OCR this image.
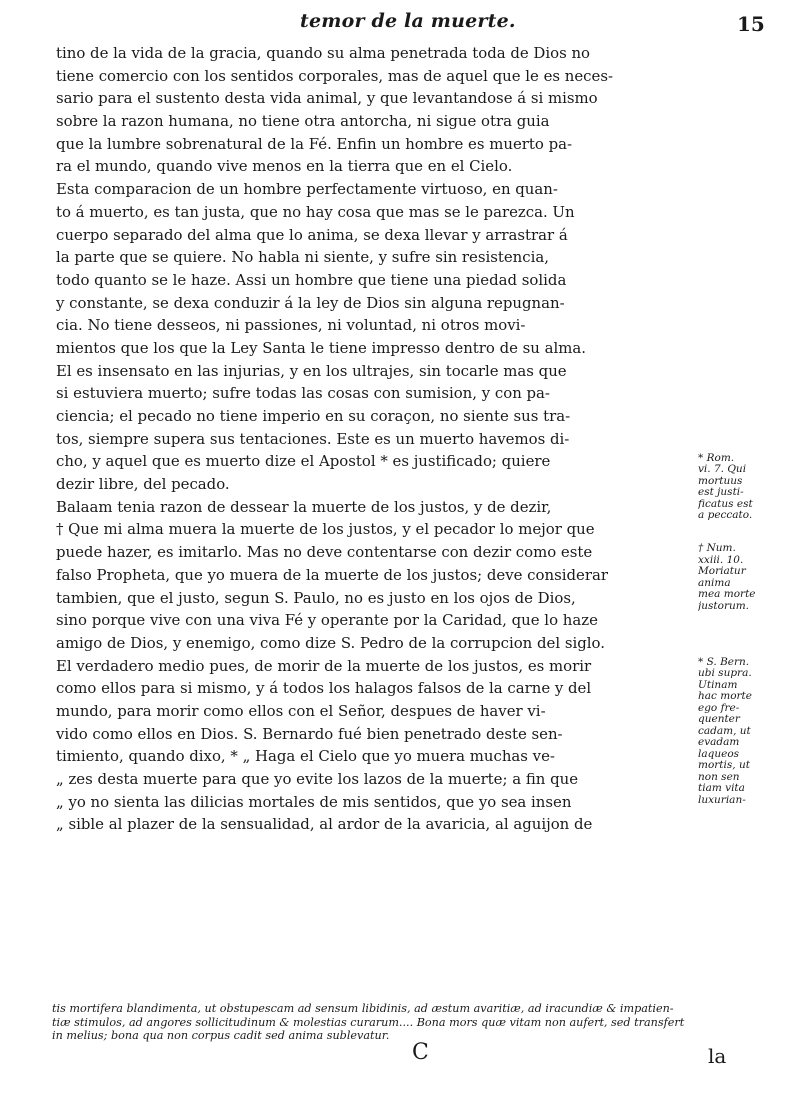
temor de la muerte.	15
tino de la vida de la gracia, quando su alma penetrada toda de Dios no
tiene comercio con los sentidos corporales, mas de aquel que le es neces-
sario para el sustento desta vida animal, y que levantandose á si mismo
sobre la razon humana, no tiene otra antorcha, ni sigue otra guia
que la lumbre sobrenatural de la Fé. Enfin un hombre es muerto pa-
ra el mundo, quando vive menos en la tierra que en el Cielo.
Esta comparacion de un hombre perfectamente virtuoso, en quan-
to á muerto, es tan justa, que no hay cosa que mas se le parezca. Un
cuerpo separado del alma que lo anima, se dexa llevar y arrastrar á
la parte que se quiere. No habla ni siente, y sufre sin resistencia,
todo quanto se le haze. Assi un hombre que tiene una piedad solida
y constante, se dexa conduzir á la ley de Dios sin alguna repugnan-
cia. No tiene desseos, ni passiones, ni voluntad, ni otros movi-
mientos que los que la Ley Santa le tiene impresso dentro de su alma.
El es insensato en las injurias, y en los ultrajes, sin tocarle mas que
si estuviera muerto; sufre todas las cosas con sumision, y con pa-
ciencia; el pecado no tiene imperio en su coraçon, no siente sus tra-
tos, siempre supera sus tentaciones. Este es un muerto havemos di-
cho, y aquel que es muerto dize el Apostol * es justificado; quiere
dezir libre, del pecado.
Balaam tenia razon de dessear la muerte de los justos, y de dezir,
† Que mi alma muera la muerte de los justos, y el pecador lo mejor que
puede hazer, es imitarlo. Mas no deve contentarse con dezir como este
falso Propheta, que yo muera de la muerte de los justos; deve considerar
tambien, que el justo, segun S. Paulo, no es justo en los ojos de Dios,
sino porque vive con una viva Fé y operante por la Caridad, que lo haze
amigo de Dios, y enemigo, como dize S. Pedro de la corrupcion del siglo.
El verdadero medio pues, de morir de la muerte de los justos, es morir
como ellos para si mismo, y á todos los halagos falsos de la carne y del
mundo, para morir como ellos con el Señor, despues de haver vi-
vido como ellos en Dios. S. Bernardo fué bien penetrado deste sen-
timiento, quando dixo, * „ Haga el Cielo que yo muera muchas ve-
„ zes desta muerte para que yo evite los lazos de la muerte; a fin que
„ yo no sienta las dilicias mortales de mis sentidos, que yo sea insen
„ sible al plazer de la sensualidad, al ardor de la avaricia, al aguijon de
* Rom.
vi. 7. Qui
mortuus
est justi-
ficatus est
a peccato.
† Num.
xxiii. 10.
Moriatur
anima
mea morte
justorum.
* S. Bern.
ubi supra.
Utinam
hac morte
ego fre-
quenter
cadam, ut
evadam
laqueos
mortis, ut
non sen
tiam vita
luxurian-
tis mortifera blandimenta, ut obstupescam ad sensum libidinis, ad æstum avaritiæ, ad iracundiæ & impatien-
tiæ stimulos, ad angores sollicitudinum & molestias curarum.... Bona mors quæ vitam non aufert, sed transfert
in melius; bona qua non corpus cadit sed anima sublevatur.
C	la
